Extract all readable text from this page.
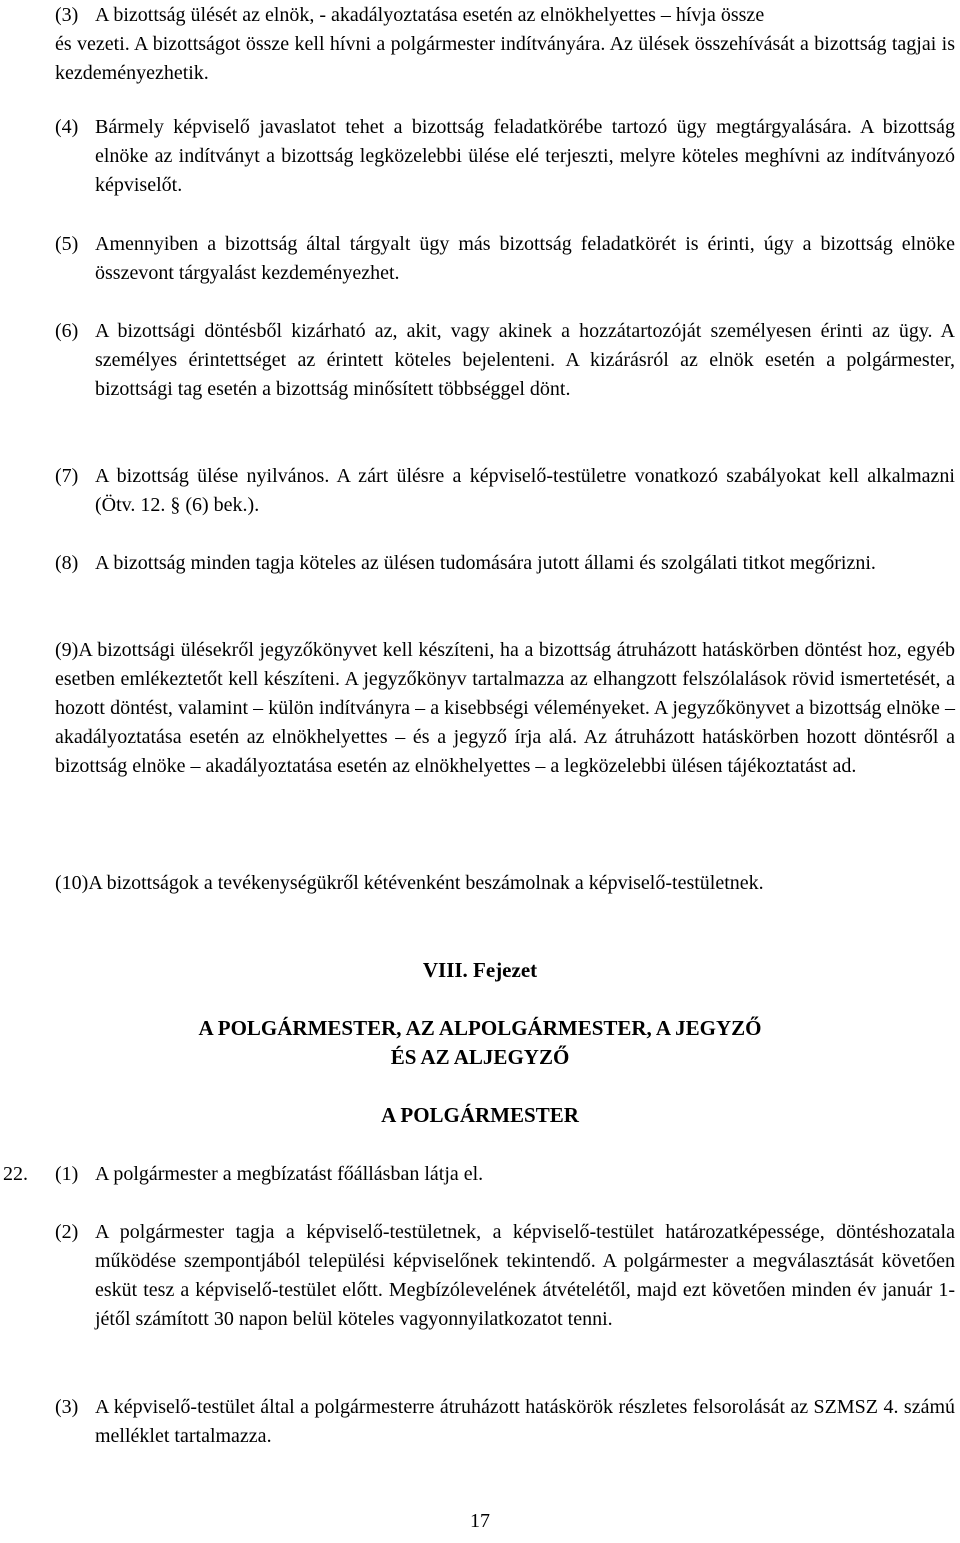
(3) A bizottság ülését az elnök, - akadályoztatása esetén az elnökhelyettes – hívja össze
és vezeti. A bizottságot össze kell hívni a polgármester indítványára. Az ülések összehívását a bizottság tagjai is kezdeményezhetik.
(4) Bármely képviselő javaslatot tehet a bizottság feladatkörébe tartozó ügy megtárgyalására. A bizottság elnöke az indítványt a bizottság legközelebbi ülése elé terjeszti, melyre köteles meghívni az indítványozó képviselőt.
(5) Amennyiben a bizottság által tárgyalt ügy más bizottság feladatkörét is érinti, úgy a bizottság elnöke összevont tárgyalást kezdeményezhet.
(6) A bizottsági döntésből kizárható az, akit, vagy akinek a hozzátartozóját személyesen érinti az ügy. A személyes érintettséget az érintett köteles bejelenteni. A kizárásról az elnök esetén a polgármester, bizottsági tag esetén a bizottság minősített többséggel dönt.
(7) A bizottság ülése nyilvános. A zárt ülésre a képviselő-testületre vonatkozó szabályokat kell alkalmazni (Ötv. 12. § (6) bek.).
(8) A bizottság minden tagja köteles az ülésen tudomására jutott állami és szolgálati titkot megőrizni.
(9)A bizottsági ülésekről jegyzőkönyvet kell készíteni, ha a bizottság átruházott hatáskörben döntést hoz, egyéb esetben emlékeztetőt kell készíteni. A jegyzőkönyv tartalmazza az elhangzott felszólalások rövid ismertetését, a hozott döntést, valamint – külön indítványra – a kisebbségi véleményeket. A jegyzőkönyvet a bizottság elnöke – akadályoztatása esetén az elnökhelyettes – és a jegyző írja alá. Az átruházott hatáskörben hozott döntésről a bizottság elnöke – akadályoztatása esetén az elnökhelyettes – a legközelebbi ülésen tájékoztatást ad.
(10)A bizottságok a tevékenységükről kétévenként beszámolnak a képviselő-testületnek.
VIII. Fejezet
A POLGÁRMESTER, AZ ALPOLGÁRMESTER, A JEGYZŐ
ÉS AZ ALJEGYZŐ
A POLGÁRMESTER
22. (1) A polgármester a megbízatást főállásban látja el.
(2) A polgármester tagja a képviselő-testületnek, a képviselő-testület határozatképessége, döntéshozatala működése szempontjából települési képviselőnek tekintendő. A polgármester a megválasztását követően esküt tesz a képviselő-testület előtt. Megbízólevelének átvételétől, majd ezt követően minden év január 1-jétől számított 30 napon belül köteles vagyonnyilatkozatot tenni.
(3) A képviselő-testület által a polgármesterre átruházott hatáskörök részletes felsorolását az SZMSZ 4. számú melléklet tartalmazza.
17
